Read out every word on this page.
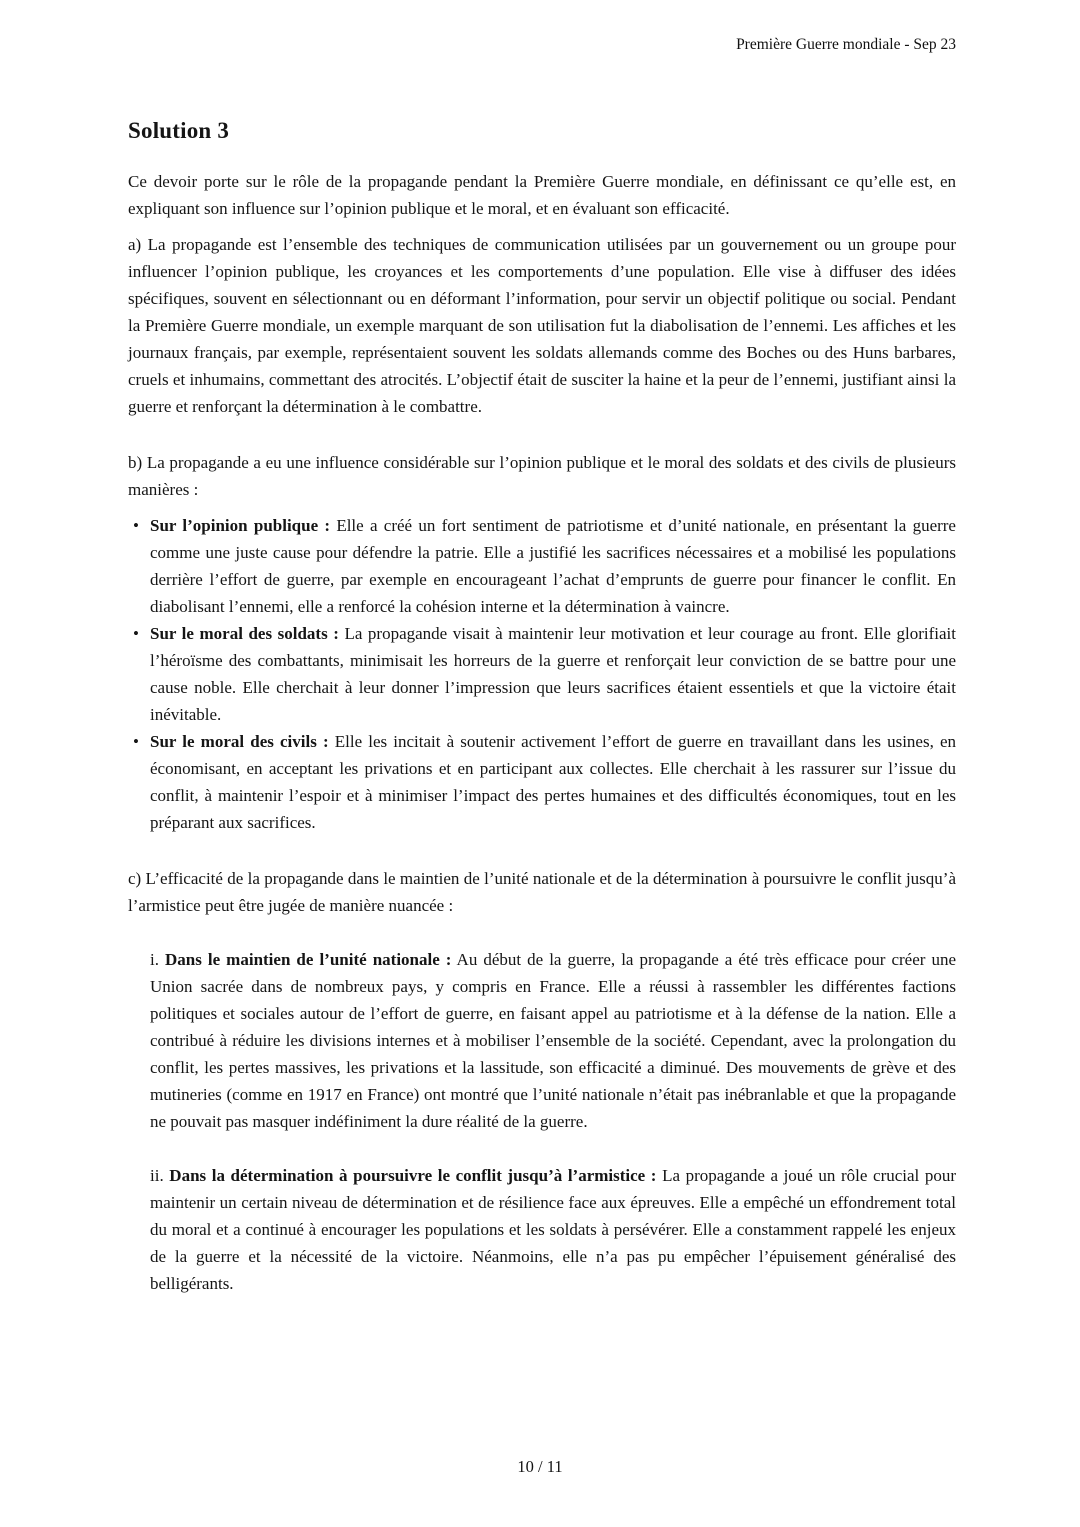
Première Guerre mondiale - Sep 23
Solution 3

Ce devoir porte sur le rôle de la propagande pendant la Première Guerre mondiale, en définissant ce qu’elle est, en expliquant son influence sur l’opinion publique et le moral, et en évaluant son efficacité.

a) La propagande est l’ensemble des techniques de communication utilisées par un gouvernement ou un groupe pour influencer l’opinion publique, les croyances et les comportements d’une population. Elle vise à diffuser des idées spécifiques, souvent en sélectionnant ou en déformant l’information, pour servir un objectif politique ou social. Pendant la Première Guerre mondiale, un exemple marquant de son utilisation fut la diabolisation de l’ennemi. Les affiches et les journaux français, par exemple, représentaient souvent les soldats allemands comme des Boches ou des Huns barbares, cruels et inhumains, commettant des atrocités. L’objectif était de susciter la haine et la peur de l’ennemi, justifiant ainsi la guerre et renforçant la détermination à le combattre.

b) La propagande a eu une influence considérable sur l’opinion publique et le moral des soldats et des civils de plusieurs manières :

• Sur l’opinion publique : Elle a créé un fort sentiment de patriotisme et d’unité nationale, en présentant la guerre comme une juste cause pour défendre la patrie. Elle a justifié les sacrifices nécessaires et a mobilisé les populations derrière l’effort de guerre, par exemple en encourageant l’achat d’emprunts de guerre pour financer le conflit. En diabolisant l’ennemi, elle a renforcé la cohésion interne et la détermination à vaincre.
• Sur le moral des soldats : La propagande visait à maintenir leur motivation et leur courage au front. Elle glorifiait l’héroïsme des combattants, minimisait les horreurs de la guerre et renforçait leur conviction de se battre pour une cause noble. Elle cherchait à leur donner l’impression que leurs sacrifices étaient essentiels et que la victoire était inévitable.
• Sur le moral des civils : Elle les incitait à soutenir activement l’effort de guerre en travaillant dans les usines, en économisant, en acceptant les privations et en participant aux collectes. Elle cherchait à les rassurer sur l’issue du conflit, à maintenir l’espoir et à minimiser l’impact des pertes humaines et des difficultés économiques, tout en les préparant aux sacrifices.

c) L’efficacité de la propagande dans le maintien de l’unité nationale et de la détermination à poursuivre le conflit jusqu’à l’armistice peut être jugée de manière nuancée :

i. Dans le maintien de l’unité nationale : Au début de la guerre, la propagande a été très efficace pour créer une Union sacrée dans de nombreux pays, y compris en France. Elle a réussi à rassembler les différentes factions politiques et sociales autour de l’effort de guerre, en faisant appel au patriotisme et à la défense de la nation. Elle a contribué à réduire les divisions internes et à mobiliser l’ensemble de la société. Cependant, avec la prolongation du conflit, les pertes massives, les privations et la lassitude, son efficacité a diminué. Des mouvements de grève et des mutineries (comme en 1917 en France) ont montré que l’unité nationale n’était pas inébranlable et que la propagande ne pouvait pas masquer indéfiniment la dure réalité de la guerre.
ii. Dans la détermination à poursuivre le conflit jusqu’à l’armistice : La propagande a joué un rôle crucial pour maintenir un certain niveau de détermination et de résilience face aux épreuves. Elle a empêché un effondrement total du moral et a continué à encourager les populations et les soldats à persévérer. Elle a constamment rappelé les enjeux de la guerre et la nécessité de la victoire. Néanmoins, elle n’a pas pu empêcher l’épuisement généralisé des belligérants.
10 / 11
